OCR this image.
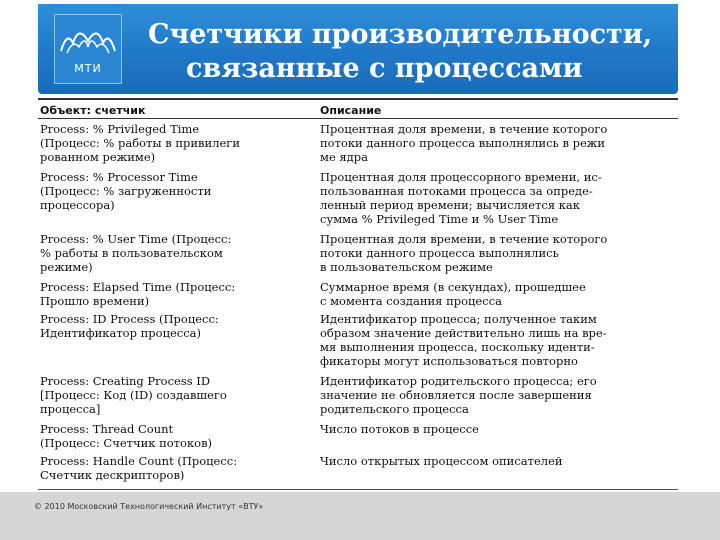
МТИ
Счетчики производительности,
связанные с процессами
Объект: счетчик	Описание
Process: % Privileged Time
(Процесс: % работы в привилеги
рованном режиме)
Процентная доля времени, в течение которого
потоки данного процесса выполнялись в режи
ме ядра
Process: % Processor Time
(Процесс: % загруженности
процессора)
Процентная доля процессорного времени, ис-
пользованная потоками процесса за опреде-
ленный период времени; вычисляется как
сумма % Privileged Time и % User Time
Process: % User Time (Процесс:
% работы в пользовательском
режиме)
Процентная доля времени, в течение которого
потоки данного процесса выполнялись
в пользовательском режиме
Process: Elapsed Time (Процесс:
Прошло времени)
Суммарное время (в секундах), прошедшее
с момента создания процесса
Process: ID Process (Процесс:
Идентификатор процесса)
Идентификатор процесса; полученное таким
образом значение действительно лишь на вре-
мя выполнения процесса, поскольку иденти-
фикаторы могут использоваться повторно
Process: Creating Process ID
[Процесс: Код (ID) создавшего
процесса]
Идентификатор родительского процесса; его
значение не обновляется после завершения
родительского процесса
Process: Thread Count
(Процесс: Счетчик потоков)
Число потоков в процессе
Process: Handle Count (Процесс:
Счетчик дескрипторов)
Число открытых процессом описателей
© 2010 Московский Технологический Институт «ВТУ»
